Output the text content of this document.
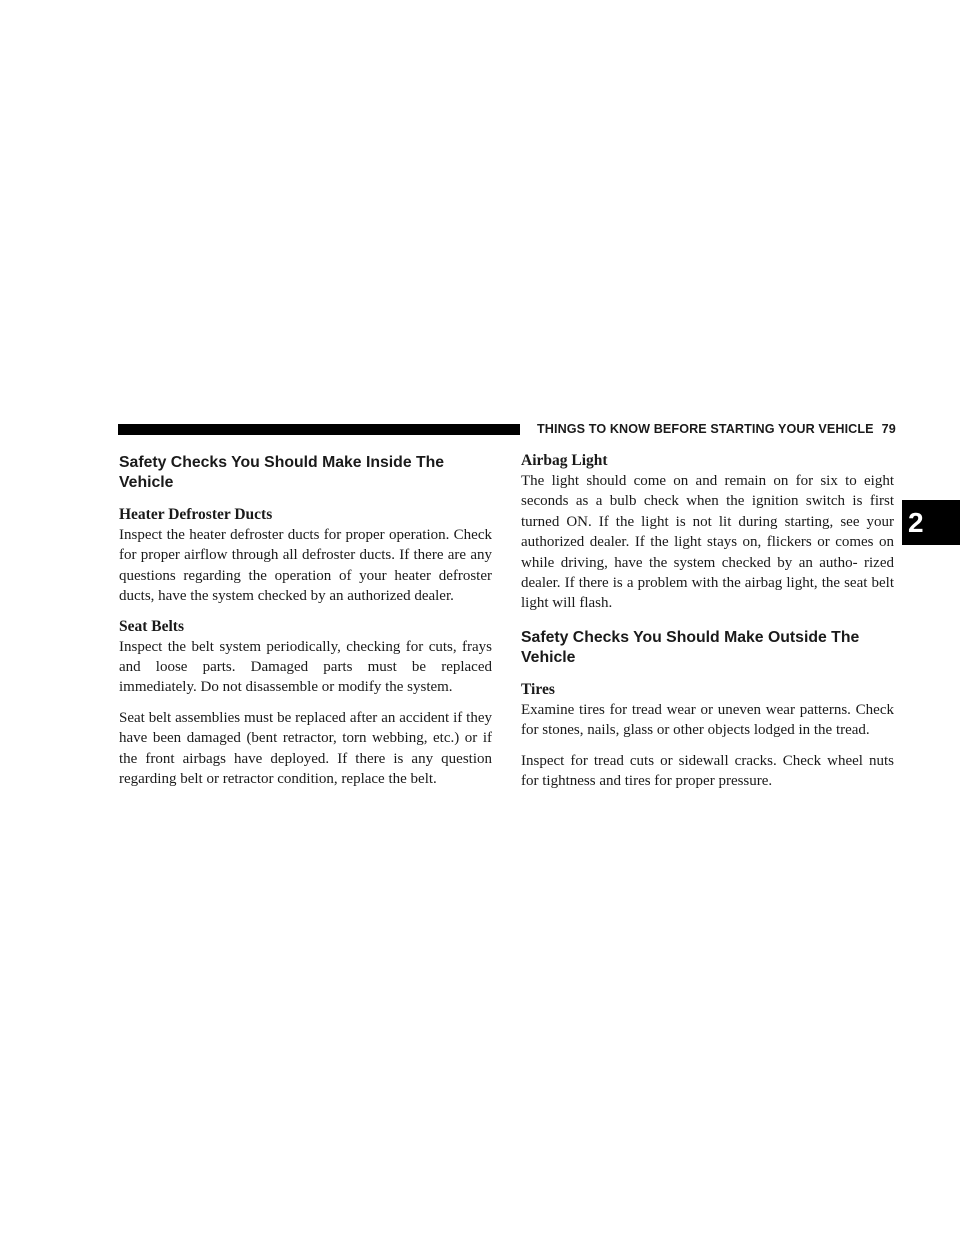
THINGS TO KNOW BEFORE STARTING YOUR VEHICLE 79
2
Safety Checks You Should Make Inside The Vehicle
Heater Defroster Ducts

Inspect the heater defroster ducts for proper operation. Check for proper airflow through all defroster ducts. If there are any questions regarding the operation of your heater defroster ducts, have the system checked by an authorized dealer.

Seat Belts

Inspect the belt system periodically, checking for cuts, frays and loose parts. Damaged parts must be replaced immediately. Do not disassemble or modify the system.

Seat belt assemblies must be replaced after an accident if they have been damaged (bent retractor, torn webbing, etc.) or if the front airbags have deployed. If there is any question regarding belt or retractor condition, replace the belt.

Airbag Light

The light should come on and remain on for six to eight seconds as a bulb check when the ignition switch is first turned ON. If the light is not lit during starting, see your authorized dealer. If the light stays on, flickers or comes on while driving, have the system checked by an autho- rized dealer. If there is a problem with the airbag light, the seat belt light will flash.

Safety Checks You Should Make Outside The Vehicle
Tires

Examine tires for tread wear or uneven wear patterns. Check for stones, nails, glass or other objects lodged in the tread.

Inspect for tread cuts or sidewall cracks. Check wheel nuts for tightness and tires for proper pressure.
